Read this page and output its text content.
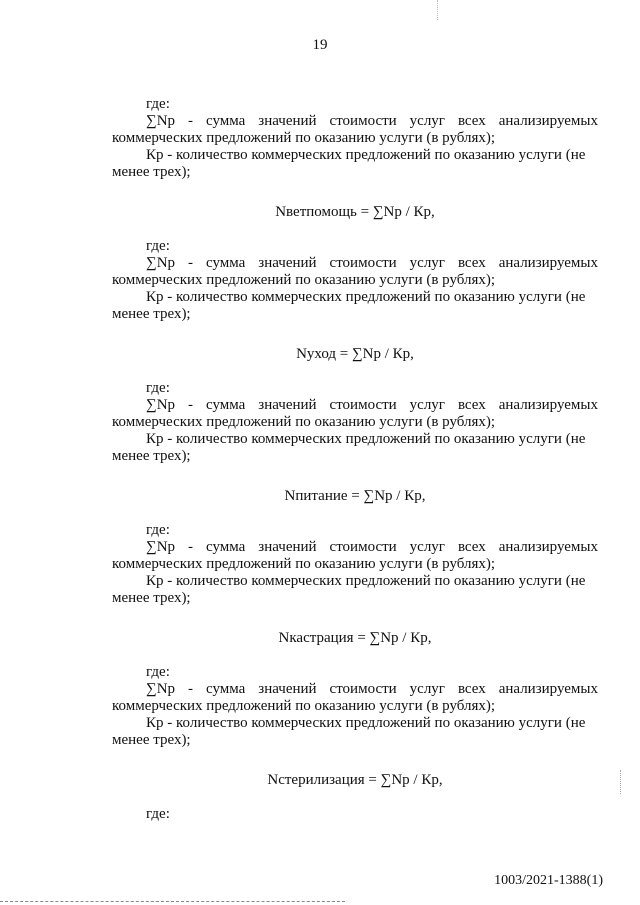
19
где:
∑Np - сумма значений стоимости услуг всех анализируемых
коммерческих предложений по оказанию услуги (в рублях);
Кр - количество коммерческих предложений по оказанию услуги (не
менее трех);
Nветпомощь = ∑Np / Кр,
где:
∑Np - сумма значений стоимости услуг всех анализируемых
коммерческих предложений по оказанию услуги (в рублях);
Кр - количество коммерческих предложений по оказанию услуги (не
менее трех);
Nуход = ∑Np / Кр,
где:
∑Np - сумма значений стоимости услуг всех анализируемых
коммерческих предложений по оказанию услуги (в рублях);
Кр - количество коммерческих предложений по оказанию услуги (не
менее трех);
Nпитание = ∑Np / Кр,
где:
∑Np - сумма значений стоимости услуг всех анализируемых
коммерческих предложений по оказанию услуги (в рублях);
Кр - количество коммерческих предложений по оказанию услуги (не
менее трех);
Nкастрация = ∑Np / Кр,
где:
∑Np - сумма значений стоимости услуг всех анализируемых
коммерческих предложений по оказанию услуги (в рублях);
Кр - количество коммерческих предложений по оказанию услуги (не
менее трех);
Nстерилизация = ∑Np / Кр,
где:
1003/2021-1388(1)
